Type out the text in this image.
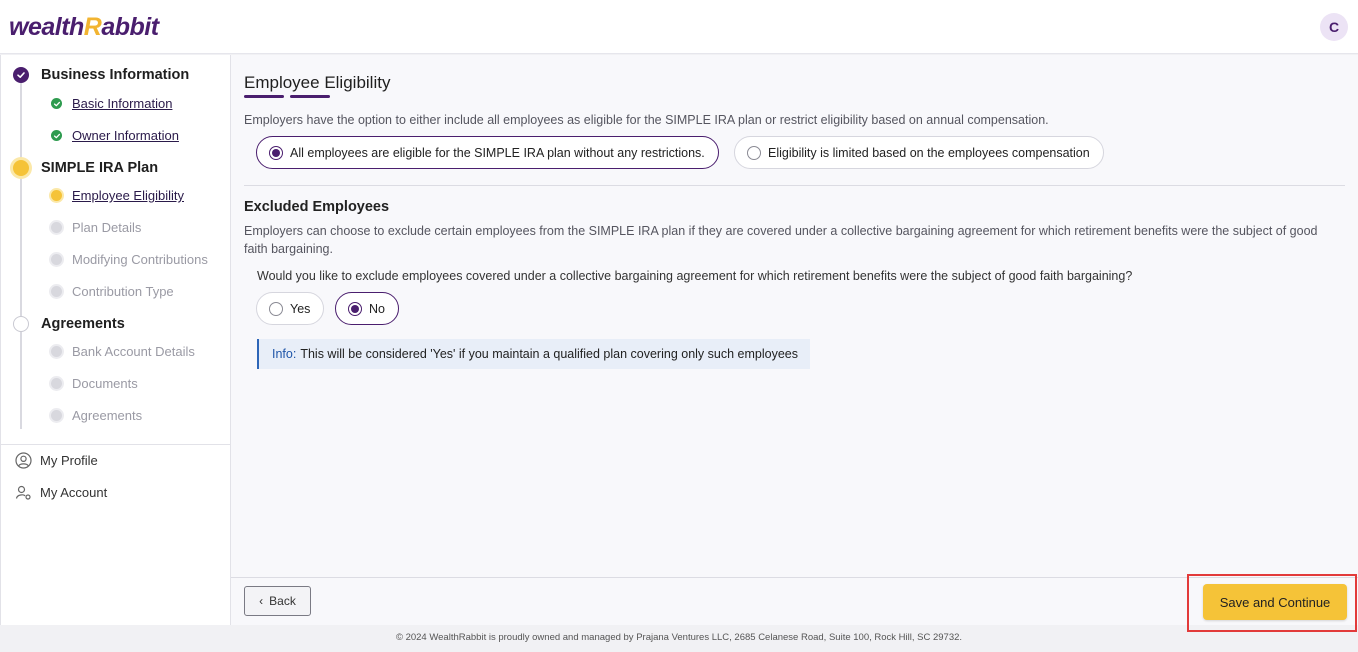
wealthRabbit	C
Business Information
Basic Information
Owner Information
SIMPLE IRA Plan
Employee Eligibility
Plan Details
Modifying Contributions
Contribution Type
Agreements
Bank Account Details
Documents
Agreements
My Profile
My Account
Employee Eligibility
Employers have the option to either include all employees as eligible for the SIMPLE IRA plan or restrict eligibility based on annual compensation.
All employees are eligible for the SIMPLE IRA plan without any restrictions.	Eligibility is limited based on the employees compensation
Excluded Employees
Employers can choose to exclude certain employees from the SIMPLE IRA plan if they are covered under a collective bargaining agreement for which retirement benefits were the subject of good faith bargaining.
Would you like to exclude employees covered under a collective bargaining agreement for which retirement benefits were the subject of good faith bargaining?
Yes	No
Info: This will be considered 'Yes' if you maintain a qualified plan covering only such employees
‹ Back	Save and Continue
© 2024 WealthRabbit is proudly owned and managed by Prajana Ventures LLC, 2685 Celanese Road, Suite 100, Rock Hill, SC 29732.
